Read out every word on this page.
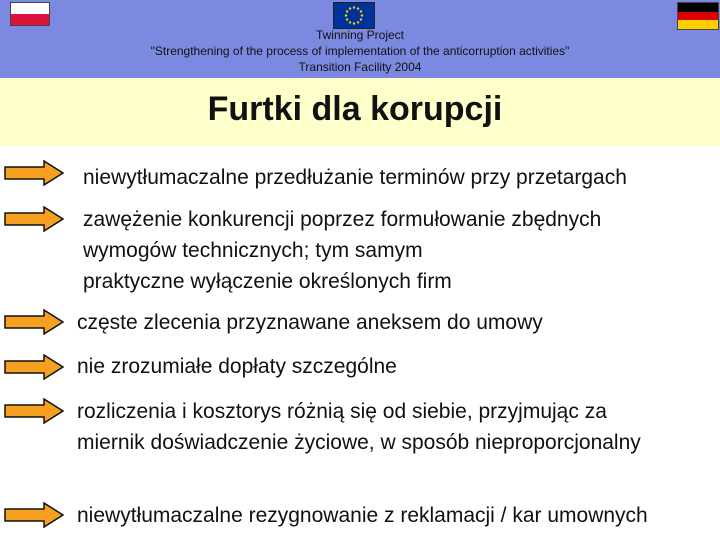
Twinning Project
"Strengthening of the process of implementation of the anticorruption activities"
Transition Facility 2004
Furtki dla korupcji
niewytłumaczalne przedłużanie terminów przy przetargach
zawężenie konkurencji poprzez formułowanie zbędnych
wymogów technicznych; tym samym
praktyczne wyłączenie określonych firm
częste zlecenia przyznawane aneksem do umowy
nie zrozumiałe dopłaty szczególne
rozliczenia i kosztorys różnią się od siebie, przyjmując za
miernik doświadczenie życiowe, w sposób nieproporcjonalny
niewytłumaczalne rezygnowanie z reklamacji / kar umownych
